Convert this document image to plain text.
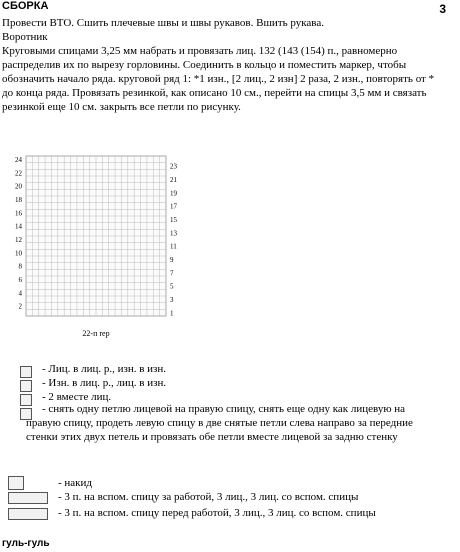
3
СБОРКА
Провести ВТО. Сшить плечевые швы и швы рукавов. Вшить рукава.
Воротник
Круговыми спицами 3,25 мм набрать и провязать лиц. 132 (143 (154) п., равномерно распределив их по вырезу горловины. Соединить в кольцо и поместить маркер, чтобы обозначить начало ряда. круговой ряд 1: *1 изн., [2 лиц., 2 изн] 2 раза, 2 изн., повторять от * до конца ряда. Провязать резинкой, как описано 10 см., перейти на спицы 3,5 мм и связать резинкой еще 10 см. закрыть все петли по рисунку.
24
22
20
18
16
14
12
10
8
6
4
2
23
21
19
17
15
13
11
9
7
5
3
1
22-п rep
- Лиц. в лиц. р., изн. в изн.
- Изн. в лиц. р., лиц. в изн.
- 2 вместе лиц.
- снять одну петлю лицевой на правую спицу, снять еще одну как лицевую на правую спицу, продеть левую спицу в две снятые петли слева направо за передние стенки этих двух петель и провязать обе петли вместе лицевой за задню стенку
- накид
- 3 п. на вспом. спицу за работой, 3 лиц., 3 лиц. со вспом. спицы
- 3 п. на вспом. спицу перед работой, 3 лиц., 3 лиц. со вспом. спицы
гуль-гуль
